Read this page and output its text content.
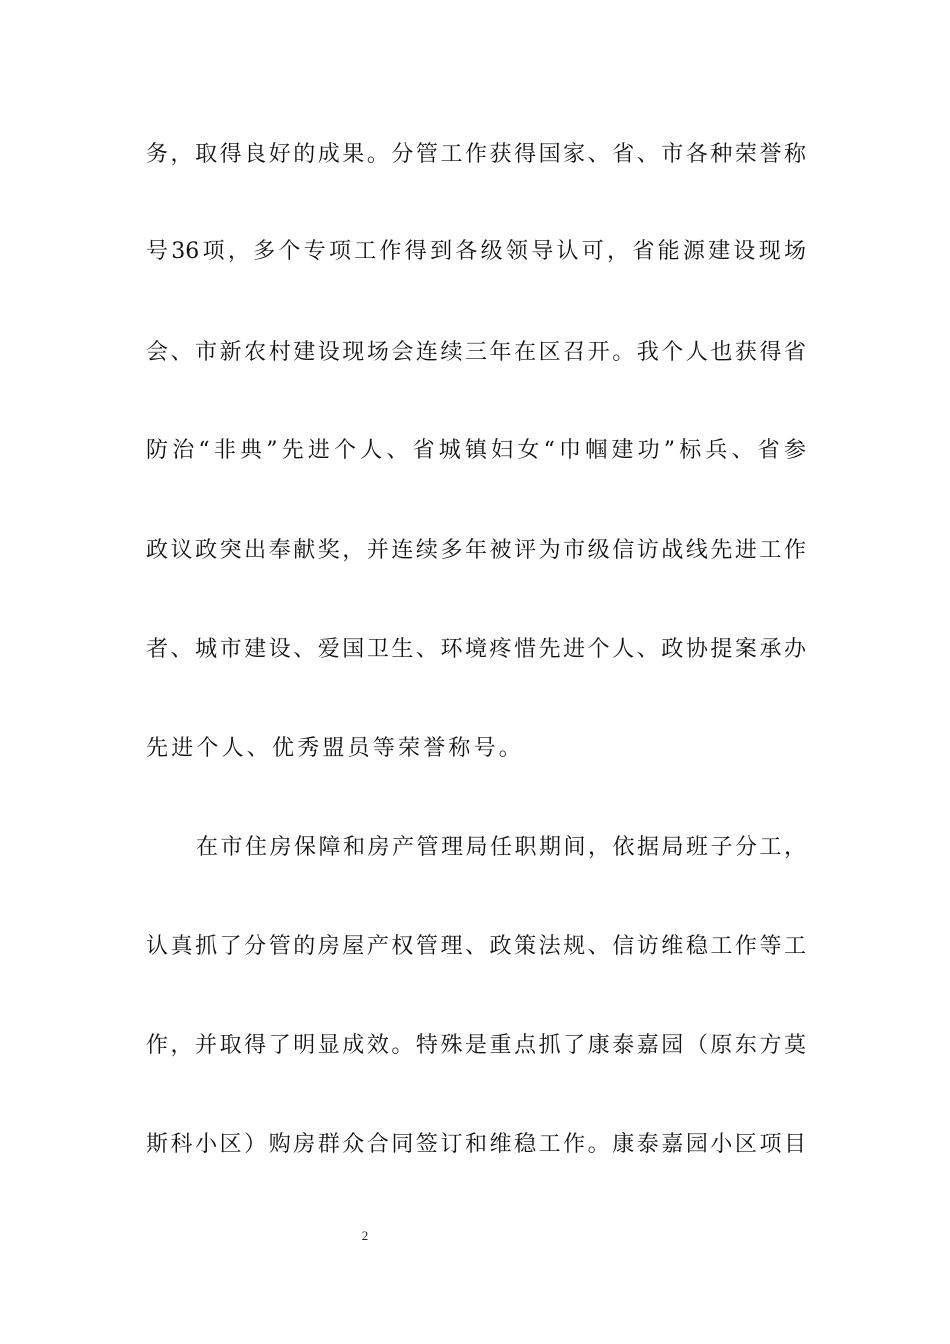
务，取得良好的成果。分管工作获得国家、省、市各种荣誉称
号36项，多个专项工作得到各级领导认可，省能源建设现场
会、市新农村建设现场会连续三年在区召开。我个人也获得省
防治“非典”先进个人、省城镇妇女“巾帼建功”标兵、省参
政议政突出奉献奖，并连续多年被评为市级信访战线先进工作
者、城市建设、爱国卫生、环境疼惜先进个人、政协提案承办
先进个人、优秀盟员等荣誉称号。
在市住房保障和房产管理局任职期间，依据局班子分工，
认真抓了分管的房屋产权管理、政策法规、信访维稳工作等工
作，并取得了明显成效。特殊是重点抓了康泰嘉园（原东方莫
斯科小区）购房群众合同签订和维稳工作。康泰嘉园小区项目
2
